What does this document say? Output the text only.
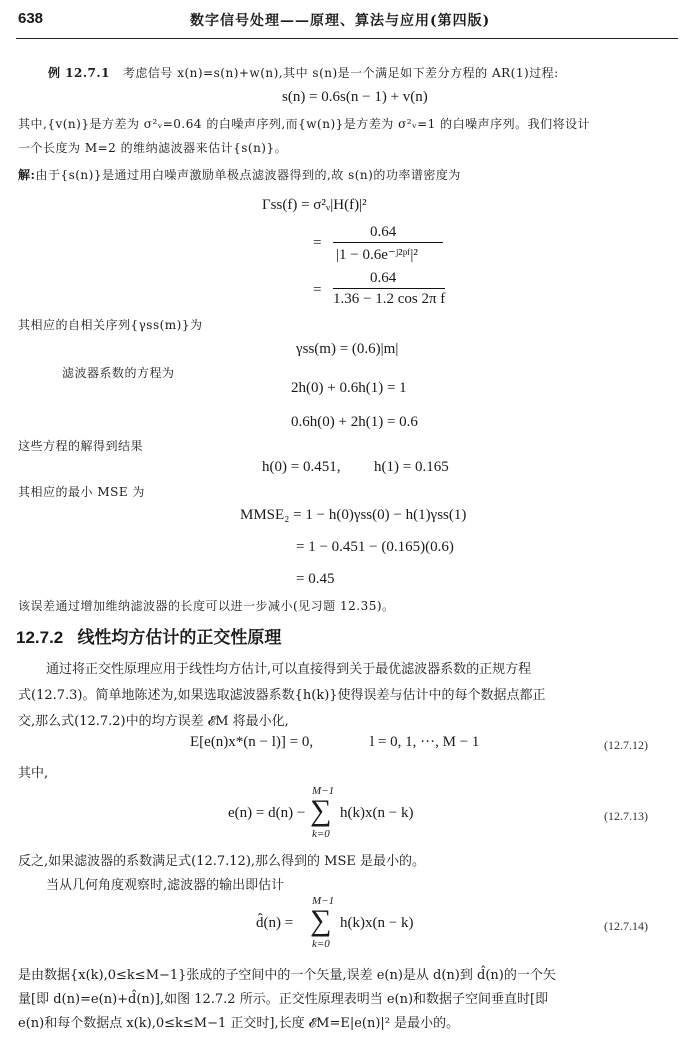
638	数字信号处理——原理、算法与应用(第四版)
例 12.7.1 考虑信号 x(n)=s(n)+w(n),其中 s(n)是一个满足如下差分方程的 AR(1)过程:
s(n) = 0.6s(n − 1) + v(n)
其中,{v(n)}是方差为 σ²ᵥ=0.64 的白噪声序列,而{w(n)}是方差为 σ²ᵥ=1 的白噪声序列。我们将设计
一个长度为 M=2 的维纳滤波器来估计{s(n)}。
解:由于{s(n)}是通过用白噪声激励单极点滤波器得到的,故 s(n)的功率谱密度为
Γss(f) = σ²ᵥ|H(f)|²
=
0.64
|1 − 0.6e⁻ʲ²ᵖᶠ|²
=
0.64
1.36 − 1.2 cos 2π f
其相应的自相关序列{γss(m)}为
γss(m) = (0.6)|m|
滤波器系数的方程为
2h(0) + 0.6h(1) = 1
0.6h(0) + 2h(1) = 0.6
这些方程的解得到结果
h(0) = 0.451, h(1) = 0.165
其相应的最小 MSE 为
MMSE₂ = 1 − h(0)γss(0) − h(1)γss(1)
= 1 − 0.451 − (0.165)(0.6)
= 0.45
该误差通过增加维纳滤波器的长度可以进一步减小(见习题 12.35)。
12.7.2 线性均方估计的正交性原理
通过将正交性原理应用于线性均方估计,可以直接得到关于最优滤波器系数的正规方程
式(12.7.3)。简单地陈述为,如果选取滤波器系数{h(k)}使得误差与估计中的每个数据点都正
交,那么式(12.7.2)中的均方误差 𝓔M 将最小化,
E[e(n)x*(n − l)] = 0,	l = 0, 1, ···, M − 1	(12.7.12)
其中,
e(n) = d(n) −
M−1
∑
k=0
h(k)x(n − k)	(12.7.13)
反之,如果滤波器的系数满足式(12.7.12),那么得到的 MSE 是最小的。
当从几何角度观察时,滤波器的输出即估计
d̂(n) =
M−1
∑
k=0
h(k)x(n − k)	(12.7.14)
是由数据{x(k),0≤k≤M−1}张成的子空间中的一个矢量,误差 e(n)是从 d(n)到 d̂(n)的一个矢
量[即 d(n)=e(n)+d̂(n)],如图 12.7.2 所示。正交性原理表明当 e(n)和数据子空间垂直时[即
e(n)和每个数据点 x(k),0≤k≤M−1 正交时],长度 𝓔M=E|e(n)|² 是最小的。
